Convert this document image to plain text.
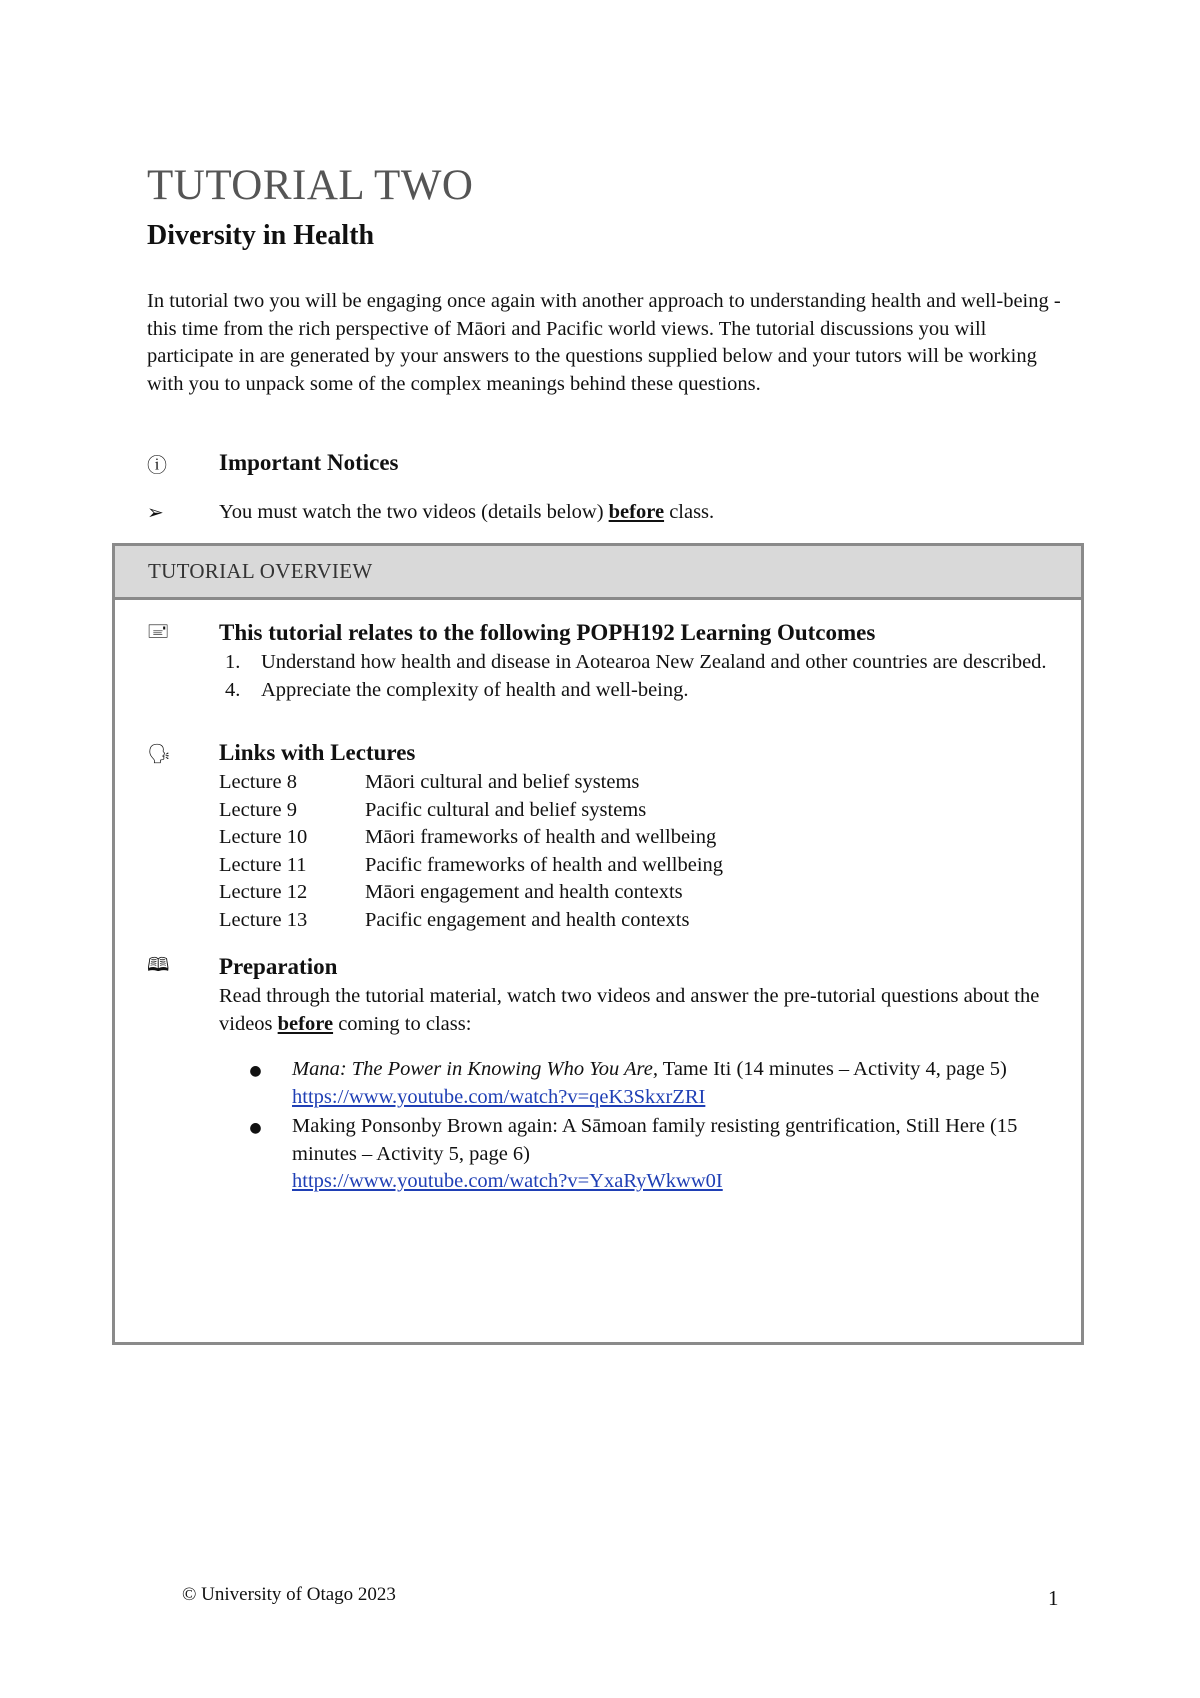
TUTORIAL TWO
Diversity in Health

In tutorial two you will be engaging once again with another approach to understanding health and well-being - this time from the rich perspective of Māori and Pacific world views. The tutorial discussions you will participate in are generated by your answers to the questions supplied below and your tutors will be working with you to unpack some of the complex meanings behind these questions.

ⓘ	Important Notices
➢	You must watch the two videos (details below) before class.
TUTORIAL OVERVIEW
🖃	This tutorial relates to the following POPH192 Learning Outcomes
1.	Understand how health and disease in Aotearoa New Zealand and other countries are described.
4.	Appreciate the complexity of health and well-being.
🗣	Links with Lectures
Lecture 8	Māori cultural and belief systems
Lecture 9	Pacific cultural and belief systems
Lecture 10	Māori frameworks of health and wellbeing
Lecture 11	Pacific frameworks of health and wellbeing
Lecture 12	Māori engagement and health contexts
Lecture 13	Pacific engagement and health contexts
🕮	Preparation
Read through the tutorial material, watch two videos and answer the pre-tutorial questions about the videos before coming to class:
●	Mana: The Power in Knowing Who You Are, Tame Iti (14 minutes – Activity 4, page 5)
https://www.youtube.com/watch?v=qeK3SkxrZRI
●	Making Ponsonby Brown again: A Sāmoan family resisting gentrification, Still Here (15 minutes – Activity 5, page 6)
https://www.youtube.com/watch?v=YxaRyWkww0I
© University of Otago 2023	1
